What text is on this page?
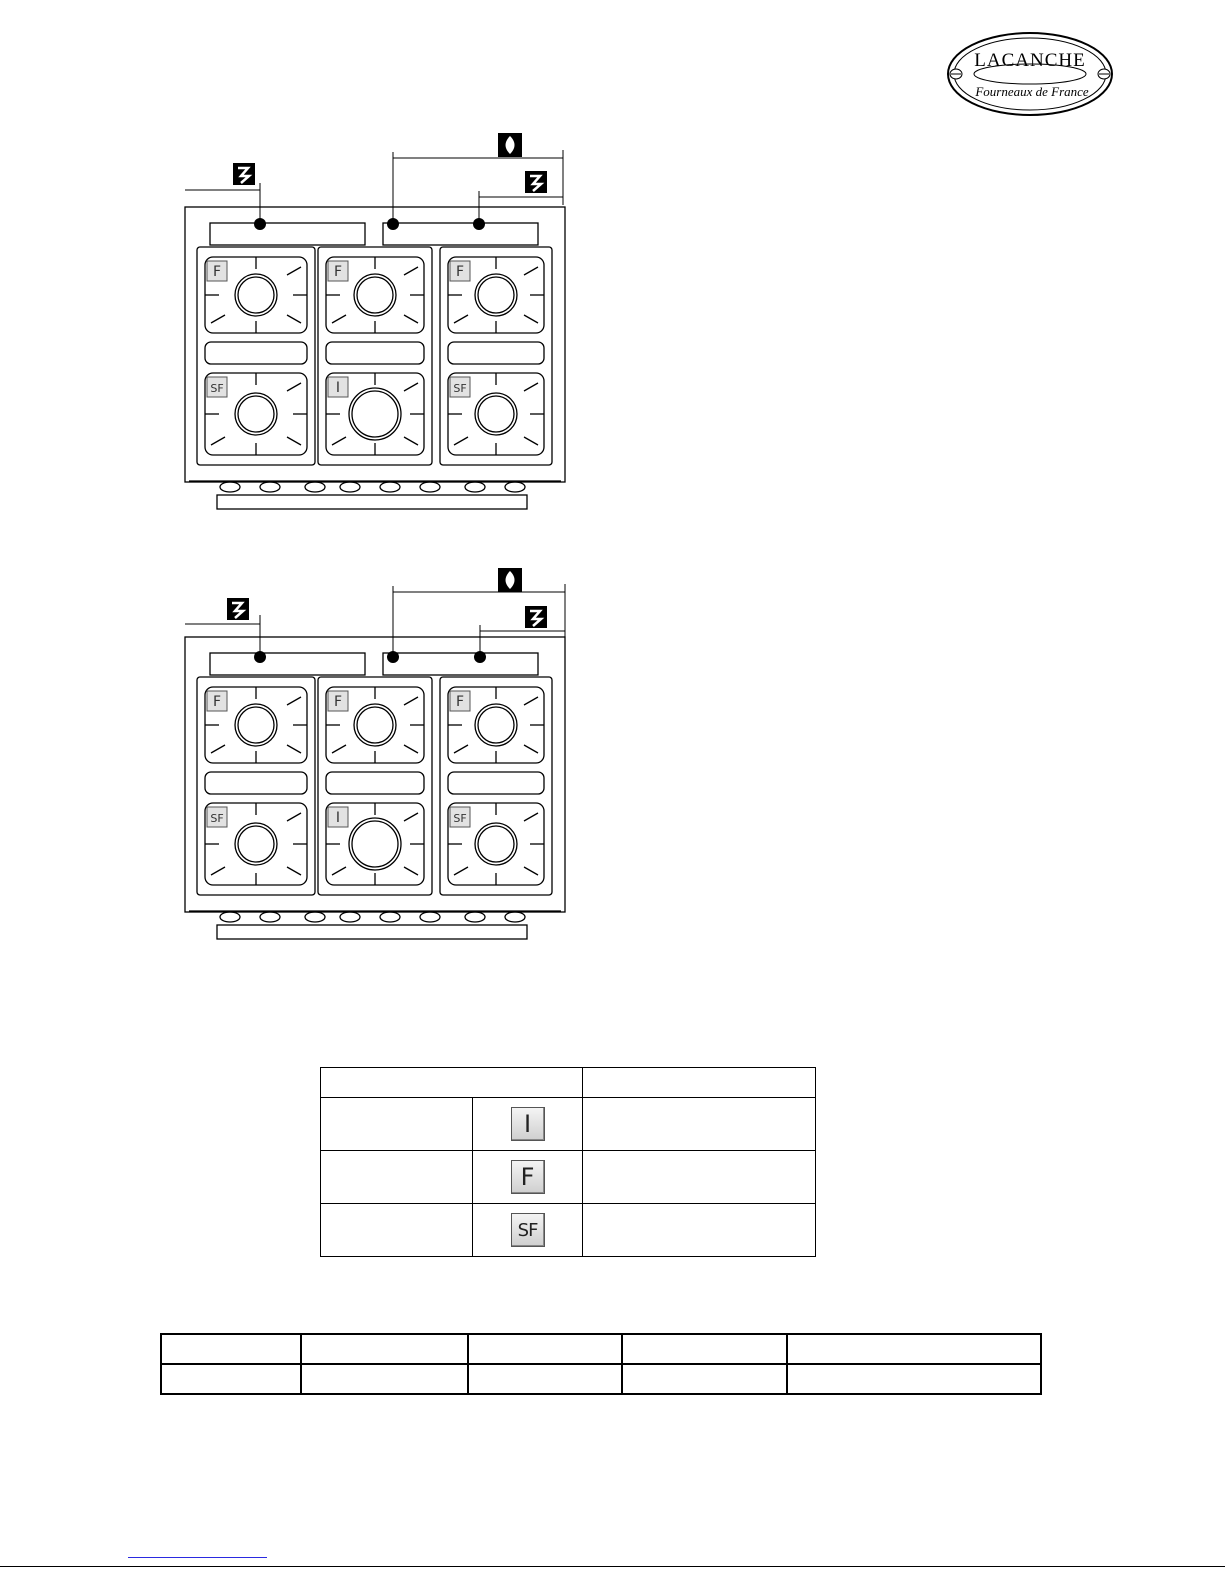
LACANCHE
Fourneaux de France
F	F	F
SF	I	SF
F	F	F
SF	I	SF

	I	
	F	
	SF	
